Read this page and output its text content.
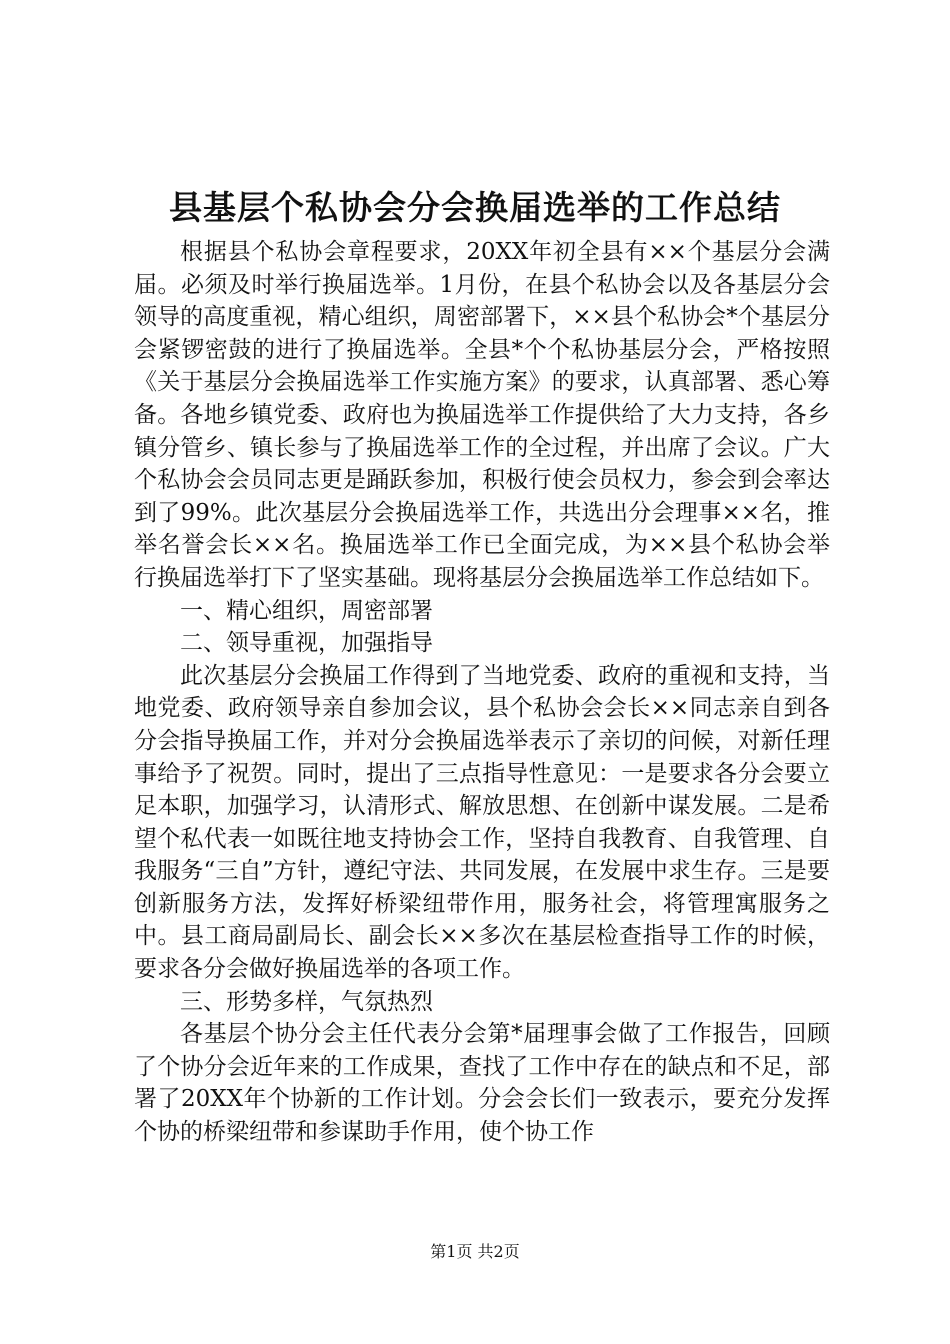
县基层个私协会分会换届选举的工作总结

根据县个私协会章程要求，20XX年初全县有××个基层分会满届。必须及时举行换届选举。1月份，在县个私协会以及各基层分会领导的高度重视，精心组织，周密部署下，××县个私协会*个基层分会紧锣密鼓的进行了换届选举。全县*个个私协基层分会，严格按照《关于基层分会换届选举工作实施方案》的要求，认真部署、悉心筹备。各地乡镇党委、政府也为换届选举工作提供给了大力支持，各乡镇分管乡、镇长参与了换届选举工作的全过程，并出席了会议。广大个私协会会员同志更是踊跃参加，积极行使会员权力，参会到会率达到了99%。此次基层分会换届选举工作，共选出分会理事××名，推举名誉会长××名。换届选举工作已全面完成，为××县个私协会举行换届选举打下了坚实基础。现将基层分会换届选举工作总结如下。

一、精心组织，周密部署

二、领导重视，加强指导

此次基层分会换届工作得到了当地党委、政府的重视和支持，当地党委、政府领导亲自参加会议，县个私协会会长××同志亲自到各分会指导换届工作，并对分会换届选举表示了亲切的问候，对新任理事给予了祝贺。同时，提出了三点指导性意见：一是要求各分会要立足本职，加强学习，认清形式、解放思想、在创新中谋发展。二是希望个私代表一如既往地支持协会工作，坚持自我教育、自我管理、自我服务“三自”方针，遵纪守法、共同发展，在发展中求生存。三是要创新服务方法，发挥好桥梁纽带作用，服务社会，将管理寓服务之中。县工商局副局长、副会长××多次在基层检查指导工作的时候，要求各分会做好换届选举的各项工作。

三、形势多样，气氛热烈

各基层个协分会主任代表分会第*届理事会做了工作报告，回顾了个协分会近年来的工作成果，查找了工作中存在的缺点和不足，部署了20XX年个协新的工作计划。分会会长们一致表示，要充分发挥个协的桥梁纽带和参谋助手作用，使个协工作

第1页 共2页
